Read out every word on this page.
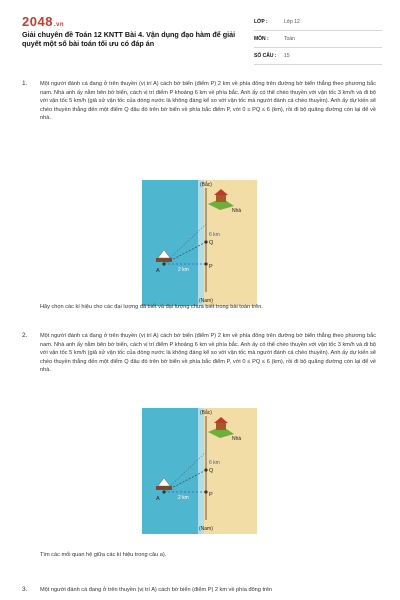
2048.vn
Giải chuyên đề Toán 12 KNTT Bài 4. Vận dụng đạo hàm để giải quyết một số bài toán tối ưu có đáp án
LỚP :	Lớp 12
MÔN :	Toán
SỐ CÂU :	15
1. Một người đánh cá đang ở trên thuyền (vị trí A) cách bờ biển (điểm P) 2 km về phía đông trên đường bờ biển thẳng theo phương bắc nam. Nhà anh ấy nằm bên bờ biển, cách vị trí điểm P khoảng 6 km về phía bắc. Anh ấy có thể chèo thuyền với vận tốc 3 km/h và đi bộ với vận tốc 5 km/h (giả sử vận tốc của dòng nước là không đáng kể so với vận tốc mà người đánh cá chèo thuyền). Anh ấy dự kiến sẽ chèo thuyền thẳng đến một điểm Q đâu đó trên bờ biển về phía bắc điểm P, với 0 ≤ PQ ≤ 6 (km), rồi đi bộ quãng đường còn lại để về nhà.
(Bắc)
(Nam)
Nhà
6 km
2 km
Q
P
A
Hãy chọn các kí hiệu cho các đại lượng đã biết và đại lượng chưa biết trong bài toán trên.
2. Một người đánh cá đang ở trên thuyền (vị trí A) cách bờ biển (điểm P) 2 km về phía đông trên đường bờ biển thẳng theo phương bắc nam. Nhà anh ấy nằm bên bờ biển, cách vị trí điểm P khoảng 6 km về phía bắc. Anh ấy có thể chèo thuyền với vận tốc 3 km/h và đi bộ với vận tốc 5 km/h (giả sử vận tốc của dòng nước là không đáng kể so với vận tốc mà người đánh cá chèo thuyền). Anh ấy dự kiến sẽ chèo thuyền thẳng đến một điểm Q đâu đó trên bờ biển về phía bắc điểm P, với 0 ≤ PQ ≤ 6 (km), rồi đi bộ quãng đường còn lại để về nhà.
(Bắc)
(Nam)
Nhà
6 km
2 km
Q
P
A
Tìm các mối quan hệ giữa các kí hiệu trong câu a).
3. Một người đánh cá đang ở trên thuyền (vị trí A) cách bờ biển (điểm P) 2 km về phía đông trên
